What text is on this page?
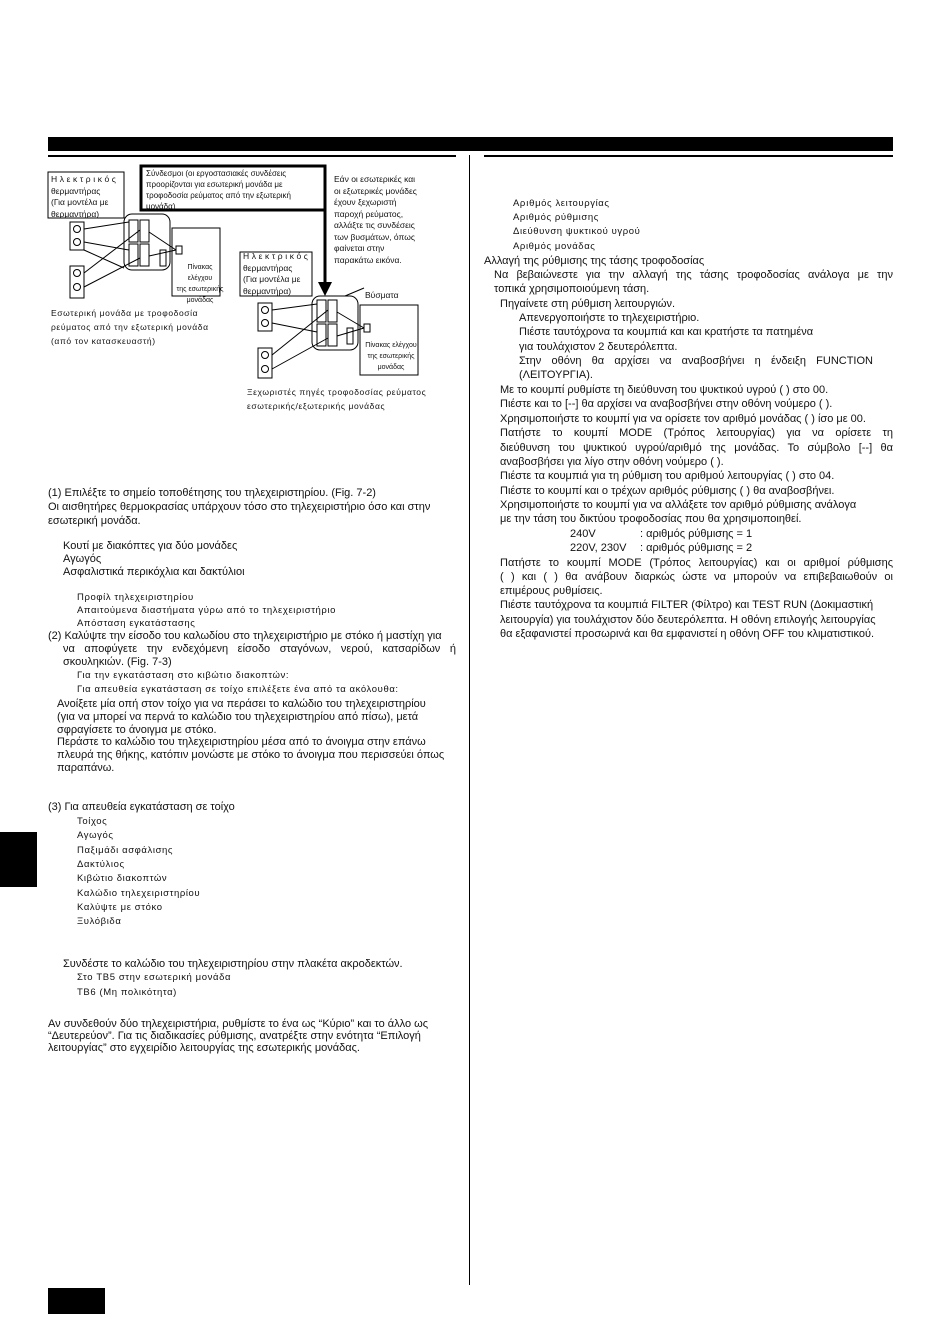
Ηλεκτρικός
θερμαντήρας
(Για μοντέλα με
θερμαντήρα)
Σύνδεσμοι (οι εργοστασιακές συνδέσεις
προορίζονται για εσωτερική μονάδα με
τροφοδοσία ρεύματος από την εξωτερική
μονάδα)
Πίνακας ελέγχου
της εσωτερικής
μονάδας
Εσωτερική μονάδα με τροφοδοσία
ρεύματος από την εξωτερική μονάδα
(από τον κατασκευαστή)
Εάν οι εσωτερικές και
οι εξωτερικές μονάδες
έχουν ξεχωριστή
παροχή ρεύματος,
αλλάξτε τις συνδέσεις
των βυσμάτων, όπως
φαίνεται στην
παρακάτω εικόνα.
Ηλεκτρικός
θερμαντήρας
(Για μοντέλα με
θερμαντήρα)	Βύσματα
Πίνακας ελέγχου
της εσωτερικής
μονάδας
Ξεχωριστές πηγές τροφοδοσίας ρεύματος
εσωτερικής/εξωτερικής μονάδας
(1) Επιλέξτε το σημείο τοποθέτησης του τηλεχειριστηρίου. (Fig. 7-2)
Οι αισθητήρες θερμοκρασίας υπάρχουν τόσο στο τηλεχειριστήριο όσο και στην
εσωτερική μονάδα.
Κουτί με διακόπτες για δύο μονάδες
Αγωγός
Ασφαλιστικά περικόχλια και δακτύλιοι
Προφίλ τηλεχειριστηρίου
Απαιτούμενα διαστήματα γύρω από το τηλεχειριστήριο
Απόσταση εγκατάστασης
(2) Καλύψτε την είσοδο του καλωδίου στο τηλεχειριστήριο με στόκο ή μαστίχη για
να αποφύγετε την ενδεχόμενη είσοδο σταγόνων, νερού, κατσαρίδων ή
σκουληκιών. (Fig. 7-3)
Για την εγκατάσταση στο κιβώτιο διακοπτών:
Για απευθεία εγκατάσταση σε τοίχο επιλέξετε ένα από τα ακόλουθα:
Ανοίξετε μία οπή στον τοίχο για να περάσει το καλώδιο του τηλεχειριστηρίου
(για να μπορεί να περνά το καλώδιο του τηλεχειριστηρίου από πίσω), μετά
σφραγίσετε το άνοιγμα με στόκο.
Περάστε το καλώδιο του τηλεχειριστηρίου μέσα από το άνοιγμα στην επάνω
πλευρά της θήκης, κατόπιν μονώστε με στόκο το άνοιγμα που περισσεύει όπως
παραπάνω.
(3) Για απευθεία εγκατάσταση σε τοίχο
Τοίχος
Αγωγός
Παξιμάδι ασφάλισης
Δακτύλιος
Κιβώτιο διακοπτών
Καλώδιο τηλεχειριστηρίου
Καλύψτε με στόκο
Ξυλόβιδα
Συνδέστε το καλώδιο του τηλεχειριστηρίου στην πλακέτα ακροδεκτών.
Στο TB5 στην εσωτερική μονάδα
TB6 (Μη πολικότητα)
Αν συνδεθούν δύο τηλεχειριστήρια, ρυθμίστε το ένα ως “Κύριο” και το άλλο ως
“Δευτερεύον”. Για τις διαδικασίες ρύθμισης, ανατρέξτε στην ενότητα “Επιλογή
λειτουργίας” στο εγχειρίδιο λειτουργίας της εσωτερικής μονάδας.
Αρıθμός λειτουργίας
Αριθμός ρύθμισης
Διεύθυνση ψυκτικού υγρού
Αριθμός μονάδας
Αλλαγή της ρύθμισης της τάσης τροφοδοσίας
Να βεβαιώνεστε για την αλλαγή της τάσης τροφοδοσίας ανάλογα με την
τοπικά χρησιμοποιούμενη τάση.
Πηγαίνετε στη ρύθμιση λειτουργιών.
Απενεργοποιήστε το τηλεχειριστήριο.
Πιέστε ταυτόχρονα τα κουμπιά και και κρατήστε τα πατημένα
για τουλάχιστον 2 δευτερόλεπτα.
Στην οθόνη θα αρχίσει να αναβοσβήνει η ένδειξη FUNCTION
(ΛΕΙΤΟΥΡΓΙΑ).
Με το κουμπί ρυθμίστε τη διεύθυνση του ψυκτικού υγρού ( ) στο 00.
Πιέστε και το [--] θα αρχίσει να αναβοσβήνει στην οθόνη νούμερο ( ).
Χρησιμοποιήστε το κουμπί για να ορίσετε τον αριθμό μονάδας ( ) ίσο με 00.
Πατήστε το κουμπί MODE (Τρόπος λειτουργίας) για να ορίσετε τη
διεύθυνση του ψυκτικού υγρού/αριθμό της μονάδας. Το σύμβολο [--] θα
αναβοσβήσει για λίγο στην οθόνη νούμερο ( ).
Πιέστε τα κουμπιά για τη ρύθμιση του αριθμού λειτουργίας ( ) στο 04.
Πιέστε το κουμπί και ο τρέχων αριθμός ρύθμισης ( ) θα αναβοσβήνει.
Χρησιμοποιήστε το κουμπί για να αλλάξετε τον αριθμό ρύθμισης ανάλογα
με την τάση του δικτύου τροφοδοσίας που θα χρησιμοποιηθεί.
240V	: αριθμός ρύθμισης = 1
220V, 230V : αριθμός ρύθμισης = 2
Πατήστε το κουμπί MODE (Τρόπος λειτουργίας) και οι αριθμοί ρύθμισης
( ) και ( ) θα ανάβουν διαρκώς ώστε να μπορούν να επιβεβαιωθούν οι
επιμέρους ρυθμίσεις.
Πιέστε ταυτόχρονα τα κουμπιά FILTER (Φίλτρο) και TEST RUN (Δοκιμαστική
λειτουργία) για τουλάχιστον δύο δευτερόλεπτα. Η οθόνη επιλογής λειτουργίας
θα εξαφανιστεί προσωρινά και θα εμφανιστεί η οθόνη OFF του κλιματιστικού.
